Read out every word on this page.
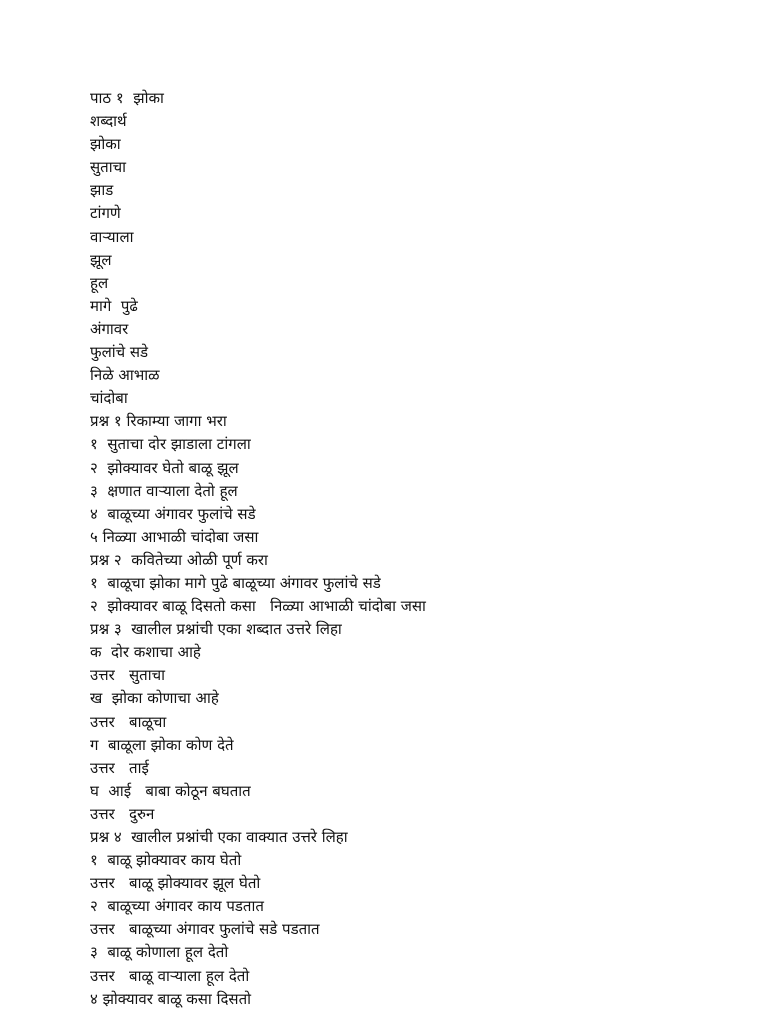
पाठ १  झोका
शब्दार्थ
झोका
सुताचा
झाड
टांगणे
वाऱ्याला
झूल
हूल
मागे  पुढे
अंगावर
फुलांचे सडे
निळे आभाळ
चांदोबा
प्रश्न १ रिकाम्या जागा भरा
१  सुताचा दोर झाडाला टांगला
२  झोक्यावर घेतो बाळू झूल
३  क्षणात वाऱ्याला देतो हूल
४  बाळूच्या अंगावर फुलांचे सडे
५ निळ्या आभाळी चांदोबा जसा
प्रश्न २  कवितेच्या ओळी पूर्ण करा
१  बाळूचा झोका मागे पुढे बाळूच्या अंगावर फुलांचे सडे
२  झोक्यावर बाळू दिसतो कसा   निळ्या आभाळी चांदोबा जसा
प्रश्न ३  खालील प्रश्नांची एका शब्दात उत्तरे लिहा
क  दोर कशाचा आहे
उत्तर   सुताचा
ख  झोका कोणाचा आहे
उत्तर   बाळूचा
ग  बाळूला झोका कोण देते
उत्तर   ताई
घ  आई   बाबा कोठून बघतात
उत्तर   दुरुन
प्रश्न ४  खालील प्रश्नांची एका वाक्यात उत्तरे लिहा
१  बाळू झोक्यावर काय घेतो
उत्तर   बाळू झोक्यावर झूल घेतो
२  बाळूच्या अंगावर काय पडतात
उत्तर   बाळूच्या अंगावर फुलांचे सडे पडतात
३  बाळू कोणाला हूल देतो
उत्तर   बाळू वाऱ्याला हूल देतो
४ झोक्यावर बाळू कसा दिसतो
